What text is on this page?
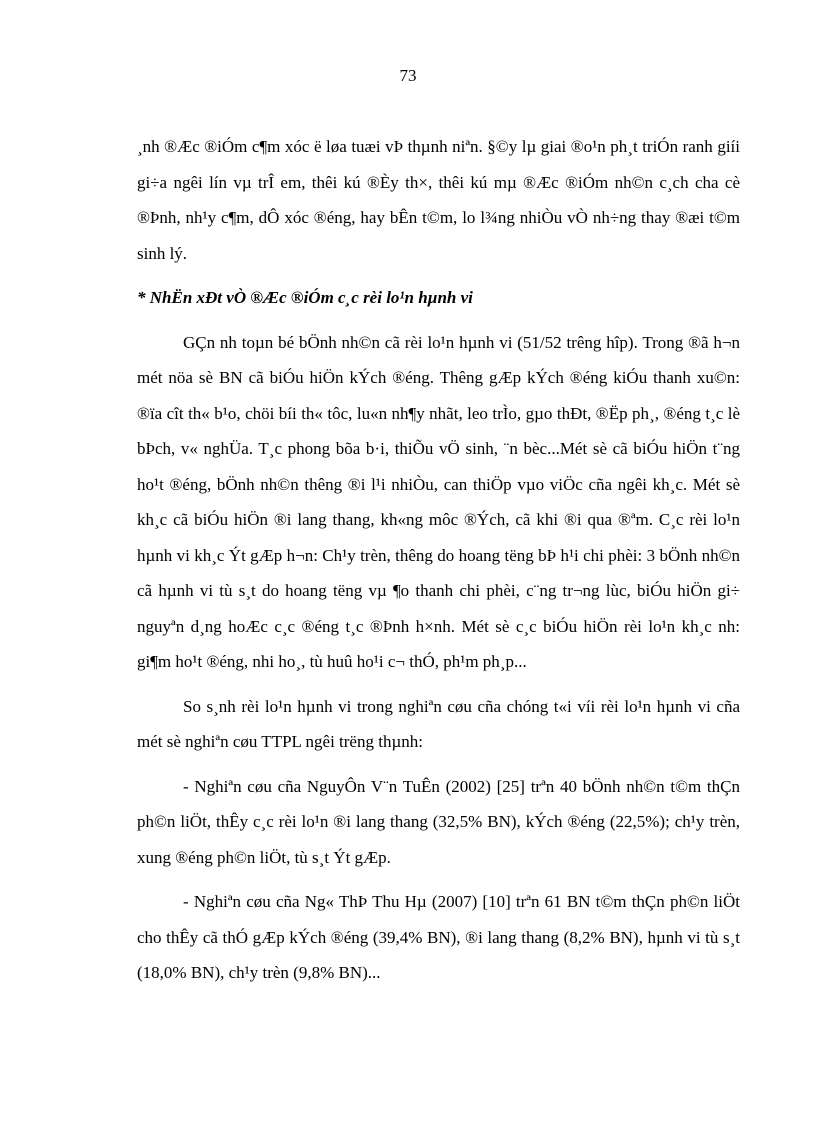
73

¸nh ®Æc ®iÓm c¶m xóc ë løa tuæi vÞ thµnh niªn. §©y lµ giai ®o¹n ph¸t triÓn ranh giíi gi÷a ngêi lín vµ trÎ em, thêi kú ®Èy th×, thêi kú mµ ®Æc ®iÓm nh©n c¸ch cha cè ®Þnh, nh¹y c¶m, dÔ xóc ®éng, hay bÊn t©m, lo l¾ng nhiÒu vÒ nh÷ng thay ®æi t©m sinh lý.

* NhËn xÐt vÒ ®Æc ®iÓm c¸c rèi lo¹n hµnh vi

GÇn nh toµn bé bÖnh nh©n cã rèi lo¹n hµnh vi (51/52 trêng hîp). Trong ®ã h¬n mét nöa sè BN cã biÓu hiÖn kÝch ®éng. Thêng gÆp kÝch ®éng kiÓu thanh xu©n: ®ïa cît th« b¹o, chöi bíi th« tôc, lu«n nh¶y nhãt, leo trÌo, gµo thÐt, ®Ëp ph¸, ®éng t¸c lè bÞch, v« nghÜa. T¸c phong bõa b·i, thiÕu vÖ sinh, ¨n bèc...Mét sè cã biÓu hiÖn t¨ng ho¹t ®éng, bÖnh nh©n thêng ®i l¹i nhiÒu, can thiÖp vµo viÖc cña ngêi kh¸c. Mét sè kh¸c cã biÓu hiÖn ®i lang thang, kh«ng môc ®Ých, cã khi ®i qua ®ªm. C¸c rèi lo¹n hµnh vi kh¸c Ýt gÆp h¬n: Ch¹y trèn, thêng do hoang tëng bÞ h¹i chi phèi: 3 bÖnh nh©n cã hµnh vi tù s¸t do hoang tëng vµ ¶o thanh chi phèi, c¨ng tr¬ng lùc, biÓu hiÖn gi÷ nguyªn d¸ng hoÆc c¸c ®éng t¸c ®Þnh h×nh. Mét sè c¸c biÓu hiÖn rèi lo¹n kh¸c nh: gi¶m ho¹t ®éng, nhi ho¸, tù huû ho¹i c¬ thÓ, ph¹m ph¸p...

So s¸nh rèi lo¹n hµnh vi trong nghiªn cøu cña chóng t«i víi rèi lo¹n hµnh vi cña mét sè nghiªn cøu TTPL ngêi trëng thµnh:

- Nghiªn cøu cña NguyÔn V¨n TuÊn (2002) [25] trªn 40 bÖnh nh©n t©m thÇn ph©n liÖt, thÊy c¸c rèi lo¹n ®i lang thang (32,5% BN), kÝch ®éng (22,5%); ch¹y trèn, xung ®éng ph©n liÖt, tù s¸t Ýt gÆp.

- Nghiªn cøu cña Ng« ThÞ Thu Hµ (2007) [10] trªn 61 BN t©m thÇn ph©n liÖt cho thÊy cã thÓ gÆp kÝch ®éng (39,4% BN), ®i lang thang (8,2% BN), hµnh vi tù s¸t (18,0% BN), ch¹y trèn (9,8% BN)...
